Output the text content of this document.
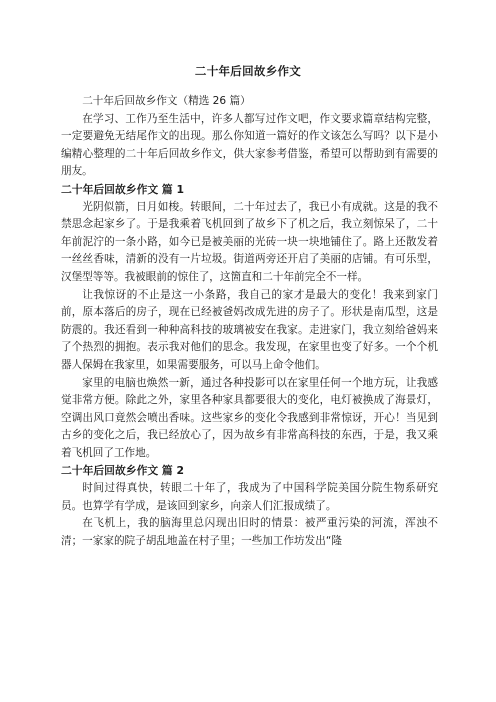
二十年后回故乡作文

二十年后回故乡作文（精选 26 篇）

在学习、工作乃至生活中，许多人都写过作文吧，作文要求篇章结构完整，一定要避免无结尾作文的出现。那么你知道一篇好的作文该怎么写吗？以下是小编精心整理的二十年后回故乡作文，供大家参考借鉴，希望可以帮助到有需要的朋友。

二十年后回故乡作文 篇 1

光阴似箭，日月如梭。转眼间，二十年过去了，我已小有成就。这是的我不禁思念起家乡了。于是我乘着飞机回到了故乡下了机之后，我立刻惊呆了，二十年前泥泞的一条小路，如今已是被美丽的光砖一块一块地铺住了。路上还散发着一丝丝香味，清新的没有一片垃圾。街道两旁还开启了美丽的店铺。有可乐型，汉堡型等等。我被眼前的惊住了，这箇直和二十年前完全不一样。

让我惊讶的不止是这一小条路，我自己的家才是最大的变化！我来到家门前，原本落后的房子，现在已经被爸妈改成先进的房子了。形状是南瓜型，这是防震的。我还看到一种种高科技的玻璃被安在我家。走进家门，我立刻给爸妈来了个热烈的拥抱。表示我对他们的思念。我发现，在家里也变了好多。一个个机器人保姆在我家里，如果需要服务，可以马上命令他们。

家里的电脑也焕然一新，通过各种投影可以在家里任何一个地方玩，让我感觉非常方便。除此之外，家里各种家具都要很大的变化，电灯被换成了海景灯，空调出风口竟然会喷出香味。这些家乡的变化令我感到非常惊讶，开心！当见到古乡的变化之后，我已经放心了，因为故乡有非常高科技的东西，于是，我又乘着飞机回了工作地。

二十年后回故乡作文 篇 2

时间过得真快，转眼二十年了，我成为了中国科学院美国分院生物系研究员。也算学有学成，是该回到家乡，向亲人们汇报成绩了。

在飞机上，我的脑海里总闪现出旧时的情景：被严重污染的河流，浑浊不清；一家家的院子胡乱地盖在村子里；一些加工作坊发出“隆
